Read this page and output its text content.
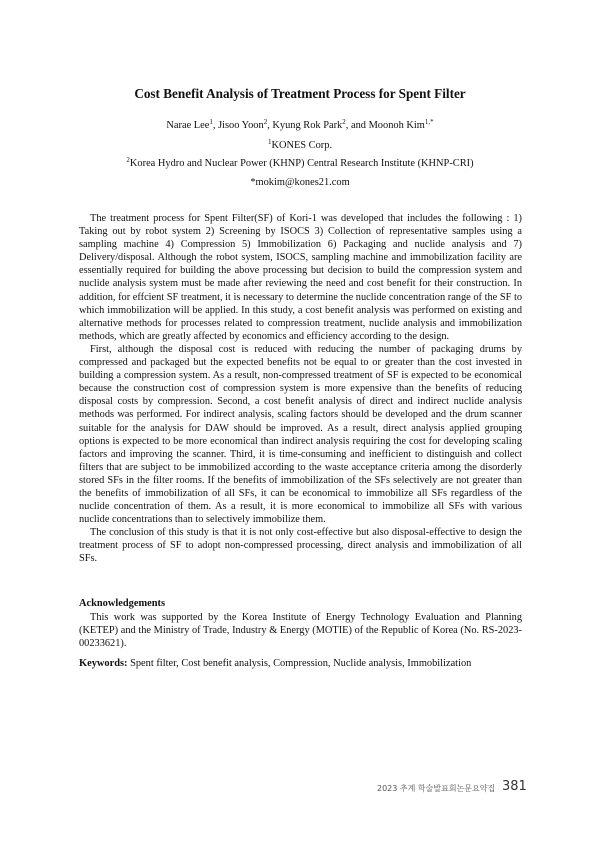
Cost Benefit Analysis of Treatment Process for Spent Filter
Narae Lee$^1$, Jisoo Yoon$^2$, Kyung Rok Park$^2$, and Moonoh Kim$^{1,*}$
$^1$KONES Corp.
$^2$Korea Hydro and Nuclear Power (KHNP) Central Research Institute (KHNP-CRI)
*mokim@kones21.com

The treatment process for Spent Filter(SF) of Kori-1 was developed that includes the following : 1) Taking out by robot system 2) Screening by ISOCS 3) Collection of representative samples using a sampling machine 4) Compression 5) Immobilization 6) Packaging and nuclide analysis and 7) Delivery/disposal. Although the robot system, ISOCS, sampling machine and immobilization facility are essentially required for building the above processing but decision to build the compression system and nuclide analysis system must be made after reviewing the need and cost benefit for their construction. In addition, for effcient SF treatment, it is necessary to determine the nuclide concentration range of the SF to which immobilization will be applied. In this study, a cost benefit analysis was performed on existing and alternative methods for processes related to compression treatment, nuclide analysis and immobilization methods, which are greatly affected by economics and efficiency according to the design.

First, although the disposal cost is reduced with reducing the number of packaging drums by compressed and packaged but the expected benefits not be equal to or greater than the cost invested in building a compression system. As a result, non-compressed treatment of SF is expected to be economical because the construction cost of compression system is more expensive than the benefits of reducing disposal costs by compression. Second, a cost benefit analysis of direct and indirect nuclide analysis methods was performed. For indirect analysis, scaling factors should be developed and the drum scanner suitable for the analysis for DAW should be improved. As a result, direct analysis applied grouping options is expected to be more economical than indirect analysis requiring the cost for developing scaling factors and improving the scanner. Third, it is time-consuming and inefficient to distinguish and collect filters that are subject to be immobilized according to the waste acceptance criteria among the disorderly stored SFs in the filter rooms. If the benefits of immobilization of the SFs selectively are not greater than the benefits of immobilization of all SFs, it can be economical to immobilize all SFs regardless of the nuclide concentration of them. As a result, it is more economical to immobilize all SFs with various nuclide concentrations than to selectively immobilize them.

The conclusion of this study is that it is not only cost-effective but also disposal-effective to design the treatment process of SF to adopt non-compressed processing, direct analysis and immobilization of all SFs.

Acknowledgements

This work was supported by the Korea Institute of Energy Technology Evaluation and Planning (KETEP) and the Ministry of Trade, Industry & Energy (MOTIE) of the Republic of Korea (No. RS-2023-00233621).

Keywords: Spent filter, Cost benefit analysis, Compression, Nuclide analysis, Immobilization
2023 추계 학술발표회논문요약집 381
